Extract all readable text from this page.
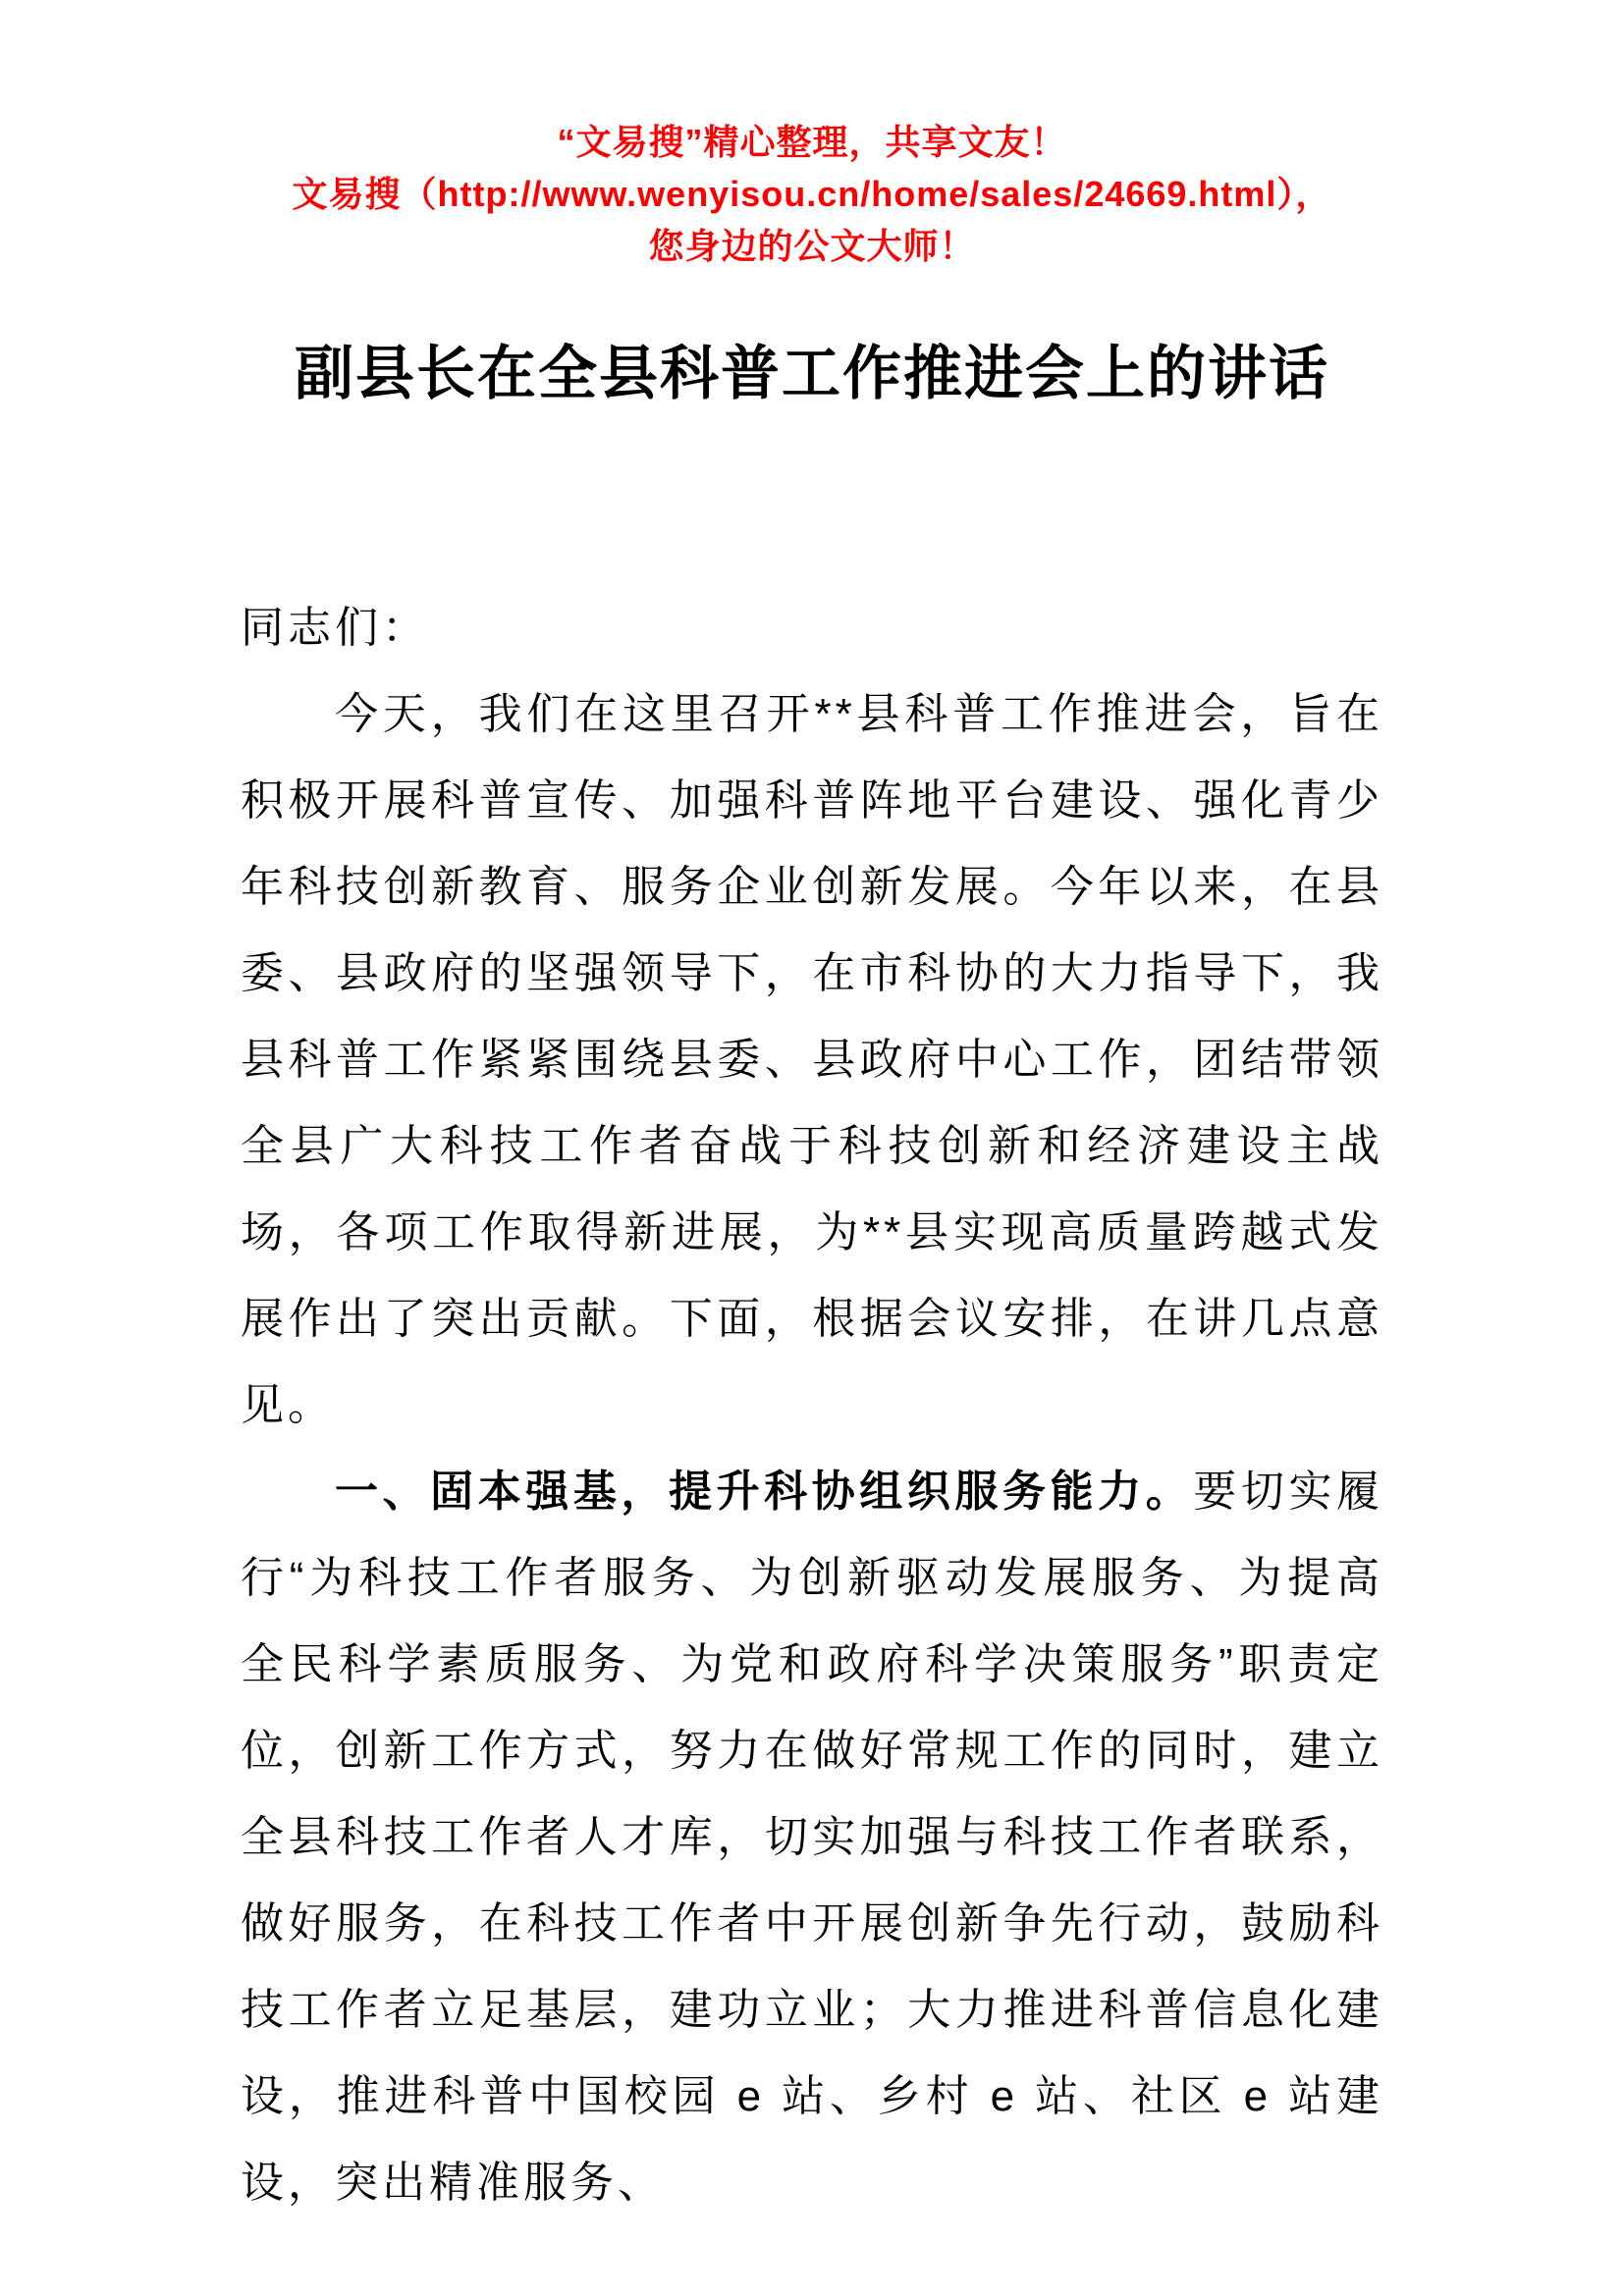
“文易搜”精心整理，共享文友！

文易搜（http://www.wenyisou.cn/home/sales/24669.html），

您身边的公文大师！

副县长在全县科普工作推进会上的讲话

同志们：

今天，我们在这里召开**县科普工作推进会，旨在积极开展科普宣传、加强科普阵地平台建设、强化青少年科技创新教育、服务企业创新发展。今年以来，在县委、县政府的坚强领导下，在市科协的大力指导下，我县科普工作紧紧围绕县委、县政府中心工作，团结带领全县广大科技工作者奋战于科技创新和经济建设主战场，各项工作取得新进展，为**县实现高质量跨越式发展作出了突出贡献。下面，根据会议安排，在讲几点意见。

一、固本强基，提升科协组织服务能力。要切实履行“为科技工作者服务、为创新驱动发展服务、为提高全民科学素质服务、为党和政府科学决策服务”职责定位，创新工作方式，努力在做好常规工作的同时，建立全县科技工作者人才库，切实加强与科技工作者联系，做好服务，在科技工作者中开展创新争先行动，鼓励科技工作者立足基层，建功立业；大力推进科普信息化建设，推进科普中国校园 e 站、乡村 e 站、社区 e 站建设，突出精准服务、
